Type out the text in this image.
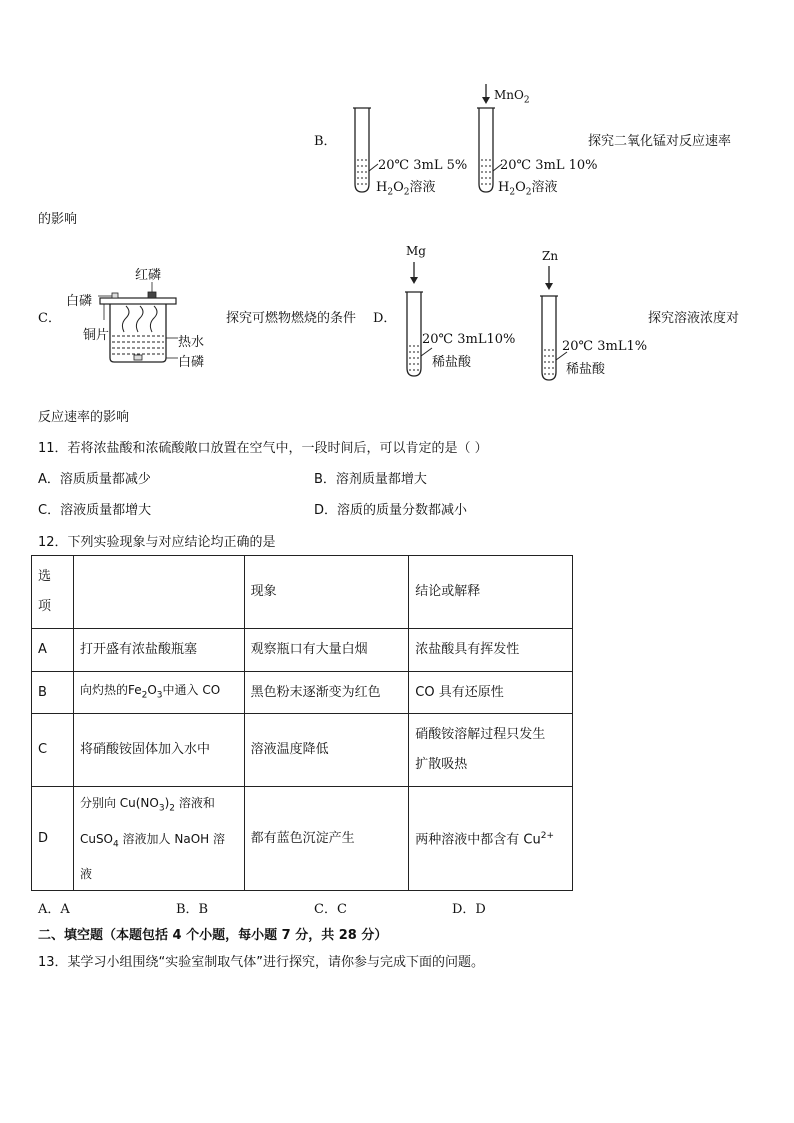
B．
20℃ 3mL 5%
$H_2O_2$溶液
MnO$_2$
20℃ 3mL 10%
$H_2O_2$溶液
探究二氧化锰对反应速率
的影响
C．
红磷
白磷
铜片	热水
白磷
探究可燃物燃烧的条件 D．
Mg
20℃ 3mL10%
稀盐酸
Zn
20℃ 3mL1%
稀盐酸
探究溶液浓度对
反应速率的影响
11．若将浓盐酸和浓硫酸敞口放置在空气中，一段时间后，可以肯定的是（ ）
A．溶质质量都减少	B．溶剂质量都增大
C．溶液质量都增大	D．溶质的质量分数都减小
12．下列实验现象与对应结论均正确的是
选
项		现象	结论或解释
A	打开盛有浓盐酸瓶塞	观察瓶口有大量白烟	浓盐酸具有挥发性
B	向灼热的$Fe_2O_3$中通入 CO	黑色粉末逐渐变为红色	CO 具有还原性
C	将硝酸铵固体加入水中	溶液温度降低	硝酸铵溶解过程只发生
扩散吸热

D	分别向 $Cu(NO_3)_2$ 溶液和
CuSO$_4$ 溶液加人 NaOH 溶
液	都有蓝色沉淀产生	两种溶液中都含有 $Cu^{2+}$
A．A	B．B	C．C	D．D
二、填空题（本题包括 4 个小题，每小题 7 分，共 28 分）
13．某学习小组围绕“实验室制取气体”进行探究，请你参与完成下面的问题。
